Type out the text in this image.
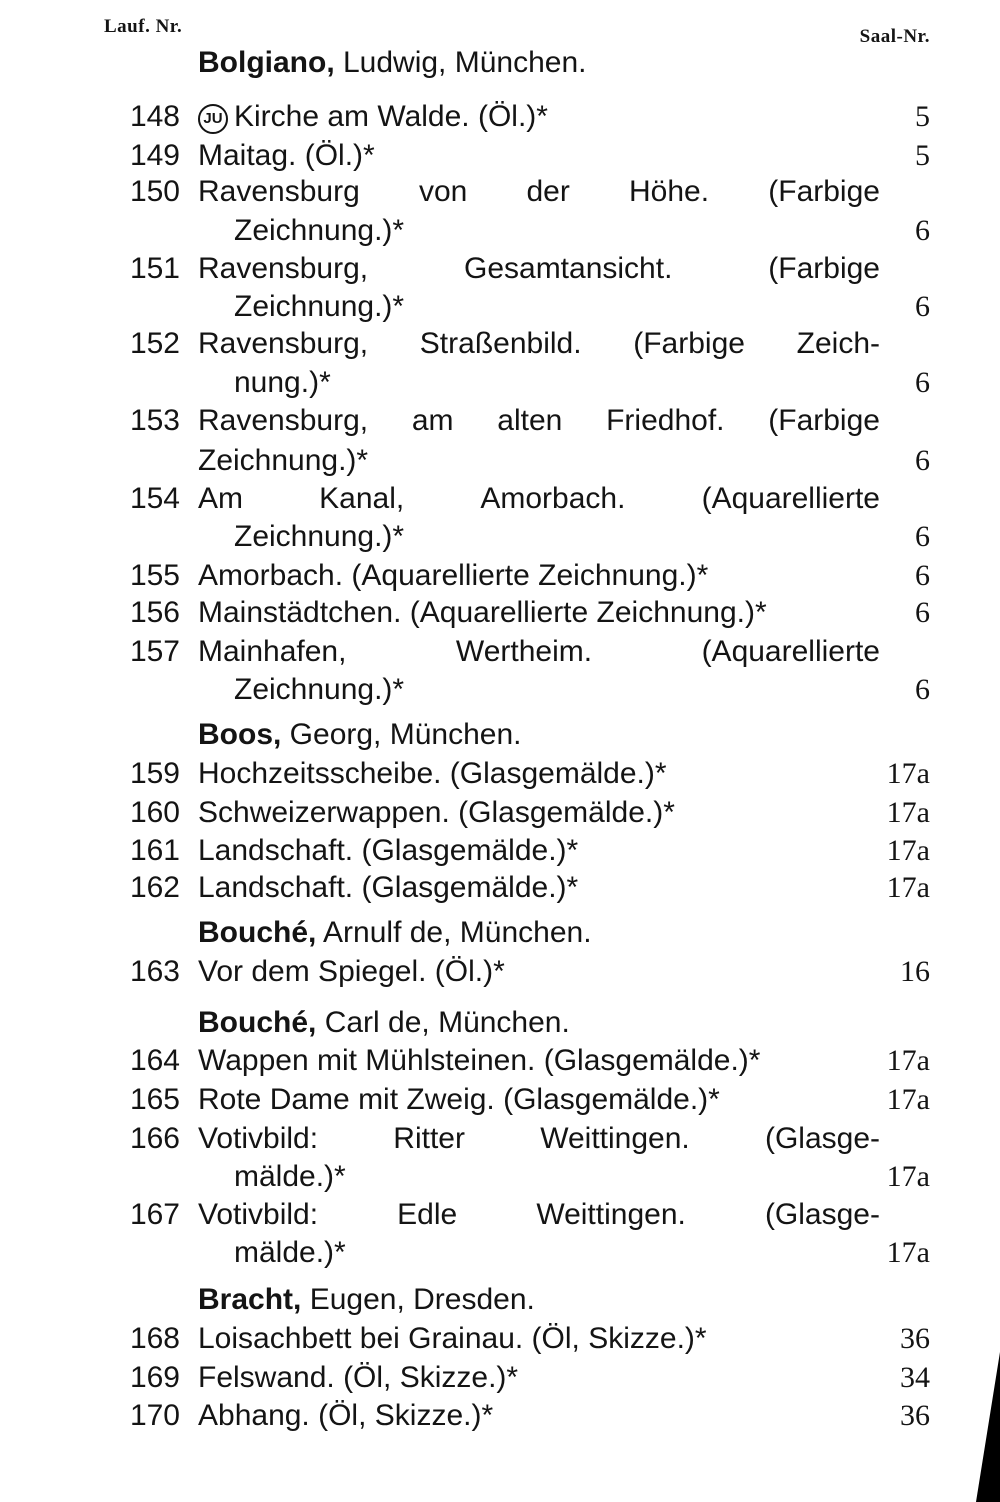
Lauf. Nr.	Saal-Nr.
Bolgiano, Ludwig, München.
148	JU Kirche am Walde. (Öl.)*	5
149 Maitag. (Öl.)*	5
150 Ravensburg von der Höhe. (Farbige
Zeichnung.)*	6
151 Ravensburg,	Gesamtansicht.	(Farbige
Zeichnung.)*	6
152 Ravensburg, Straßenbild. (Farbige Zeich-
nung.)*	6
153 Ravensburg, am alten Friedhof. (Farbige
Zeichnung.)*	6
154 Am	Kanal,	Amorbach.	(Aquarellierte
Zeichnung.)*	6
155 Amorbach. (Aquarellierte Zeichnung.)*	6
156 Mainstädtchen. (Aquarellierte Zeichnung.)*	6
157 Mainhafen,	Wertheim.	(Aquarellierte
Zeichnung.)*	6
Boos, Georg, München.
159 Hochzeitsscheibe. (Glasgemälde.)*	17a
160 Schweizerwappen. (Glasgemälde.)*	17a
161 Landschaft. (Glasgemälde.)*	17a
162 Landschaft. (Glasgemälde.)*	17a
Bouché, Arnulf de, München.
163 Vor dem Spiegel. (Öl.)*	16
Bouché, Carl de, München.
164 Wappen mit Mühlsteinen. (Glasgemälde.)*	17a
165 Rote Dame mit Zweig. (Glasgemälde.)*	17a
166 Votivbild:	Ritter	Weittingen.	(Glasge-
mälde.)*	17a
167 Votivbild:	Edle	Weittingen.	(Glasge-
mälde.)*	17a
Bracht, Eugen, Dresden.
168 Loisachbett bei Grainau. (Öl, Skizze.)*	36
169 Felswand. (Öl, Skizze.)*	34
170 Abhang. (Öl, Skizze.)*	36
